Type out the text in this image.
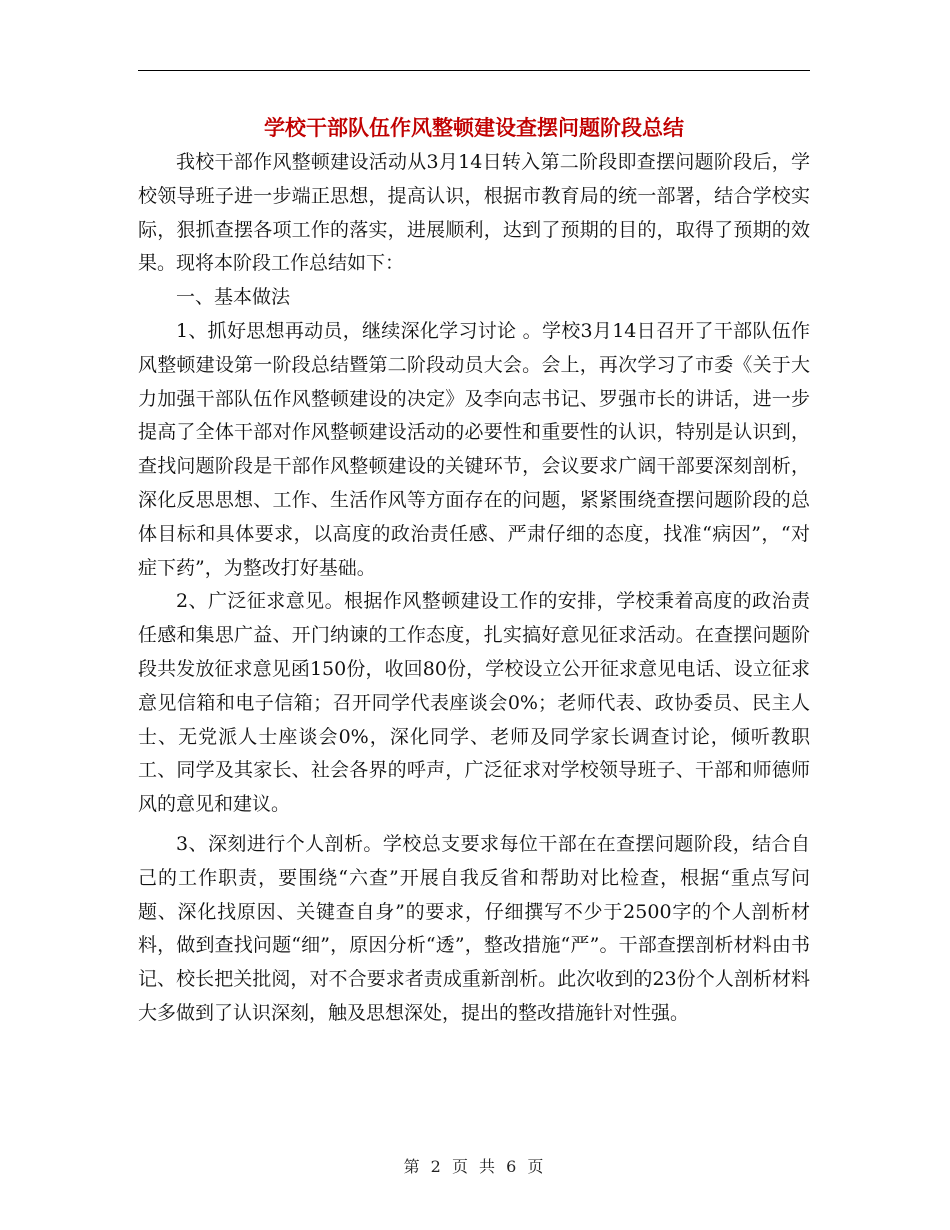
学校干部队伍作风整顿建设查摆问题阶段总结

我校干部作风整顿建设活动从3月14日转入第二阶段即查摆问题阶段后，学校领导班子进一步端正思想，提高认识，根据市教育局的统一部署，结合学校实际，狠抓查摆各项工作的落实，进展顺利，达到了预期的目的，取得了预期的效果。现将本阶段工作总结如下：

一、基本做法

1、抓好思想再动员，继续深化学习讨论 。学校3月14日召开了干部队伍作风整顿建设第一阶段总结暨第二阶段动员大会。会上，再次学习了市委《关于大力加强干部队伍作风整顿建设的决定》及李向志书记、罗强市长的讲话，进一步提高了全体干部对作风整顿建设活动的必要性和重要性的认识，特别是认识到，查找问题阶段是干部作风整顿建设的关键环节，会议要求广阔干部要深刻剖析，深化反思思想、工作、生活作风等方面存在的问题，紧紧围绕查摆问题阶段的总体目标和具体要求，以高度的政治责任感、严肃仔细的态度，找准“病因”，“对症下药”，为整改打好基础。

2、广泛征求意见。根据作风整顿建设工作的安排，学校秉着高度的政治责任感和集思广益、开门纳谏的工作态度，扎实搞好意见征求活动。在查摆问题阶段共发放征求意见函150份，收回80份，学校设立公开征求意见电话、设立征求意见信箱和电子信箱；召开同学代表座谈会0%；老师代表、政协委员、民主人士、无党派人士座谈会0%，深化同学、老师及同学家长调查讨论，倾听教职工、同学及其家长、社会各界的呼声，广泛征求对学校领导班子、干部和师德师风的意见和建议。

3、深刻进行个人剖析。学校总支要求每位干部在在查摆问题阶段，结合自己的工作职责，要围绕“六查”开展自我反省和帮助对比检查，根据“重点写问题、深化找原因、关键查自身”的要求，仔细撰写不少于2500字的个人剖析材料，做到查找问题“细”，原因分析“透”，整改措施“严”。干部查摆剖析材料由书记、校长把关批阅，对不合要求者责成重新剖析。此次收到的23份个人剖析材料大多做到了认识深刻，触及思想深处，提出的整改措施针对性强。

第 2 页 共 6 页
